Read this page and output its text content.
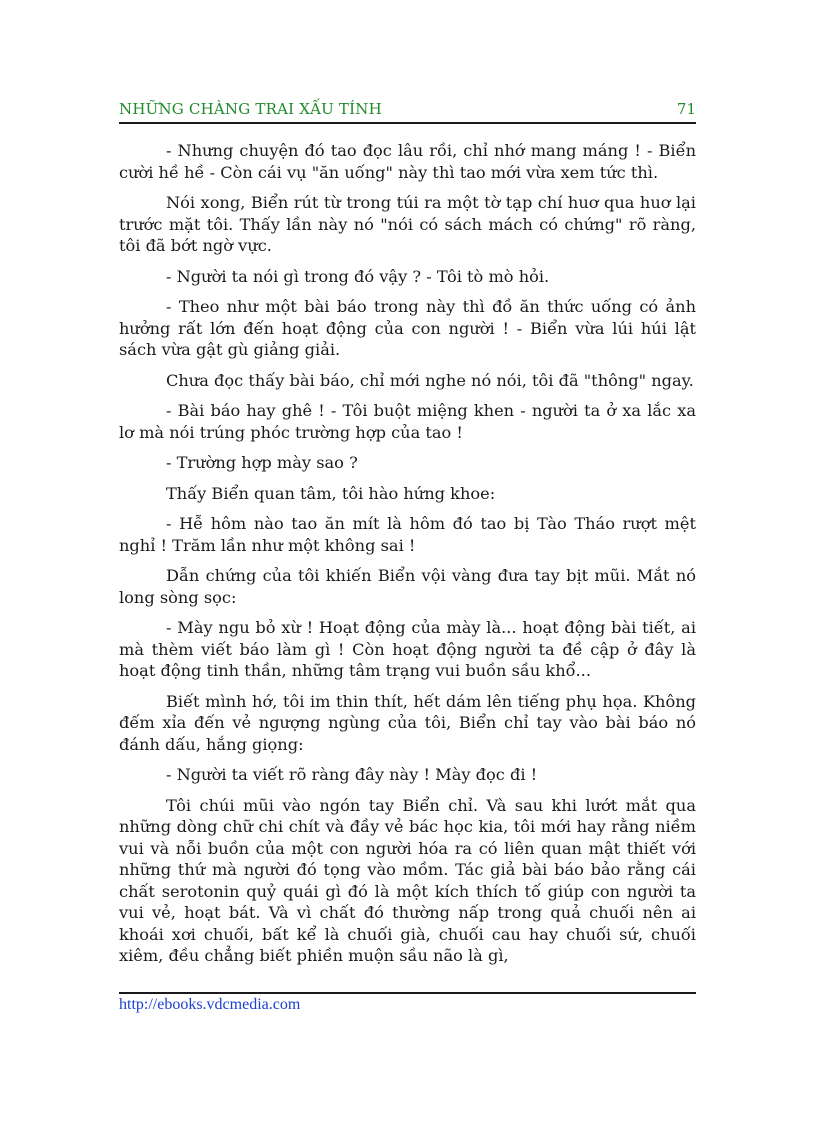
NHỮNG CHÀNG TRAI XẤU TÍNH	71

- Nhưng chuyện đó tao đọc lâu rồi, chỉ nhớ mang máng ! - Biển cười hề hề - Còn cái vụ "ăn uống" này thì tao mới vừa xem tức thì.

Nói xong, Biển rút từ trong túi ra một tờ tạp chí huơ qua huơ lại trước mặt tôi. Thấy lần này nó "nói có sách mách có chứng" rõ ràng, tôi đã bớt ngờ vực.

- Người ta nói gì trong đó vậy ? - Tôi tò mò hỏi.

- Theo như một bài báo trong này thì đồ ăn thức uống có ảnh hưởng rất lớn đến hoạt động của con người ! - Biển vừa lúi húi lật sách vừa gật gù giảng giải.

Chưa đọc thấy bài báo, chỉ mới nghe nó nói, tôi đã "thông" ngay.

- Bài báo hay ghê ! - Tôi buột miệng khen - người ta ở xa lắc xa lơ mà nói trúng phóc trường hợp của tao !

- Trường hợp mày sao ?

Thấy Biển quan tâm, tôi hào hứng khoe:

- Hễ hôm nào tao ăn mít là hôm đó tao bị Tào Tháo rượt mệt nghỉ ! Trăm lần như một không sai !

Dẫn chứng của tôi khiến Biển vội vàng đưa tay bịt mũi. Mắt nó long sòng sọc:

- Mày ngu bỏ xừ ! Hoạt động của mày là... hoạt động bài tiết, ai mà thèm viết báo làm gì ! Còn hoạt động người ta đề cập ở đây là hoạt động tinh thần, những tâm trạng vui buồn sầu khổ...

Biết mình hớ, tôi im thin thít, hết dám lên tiếng phụ họa. Không đếm xỉa đến vẻ ngượng ngùng của tôi, Biển chỉ tay vào bài báo nó đánh dấu, hắng giọng:

- Người ta viết rõ ràng đây này ! Mày đọc đi !

Tôi chúi mũi vào ngón tay Biển chỉ. Và sau khi lướt mắt qua những dòng chữ chi chít và đầy vẻ bác học kia, tôi mới hay rằng niềm vui và nỗi buồn của một con người hóa ra có liên quan mật thiết với những thứ mà người đó tọng vào mồm. Tác giả bài báo bảo rằng cái chất serotonin quỷ quái gì đó là một kích thích tố giúp con người ta vui vẻ, hoạt bát. Và vì chất đó thường nấp trong quả chuối nên ai khoái xơi chuối, bất kể là chuối già, chuối cau hay chuối sứ, chuối xiêm, đều chẳng biết phiền muộn sầu não là gì,

http://ebooks.vdcmedia.com
